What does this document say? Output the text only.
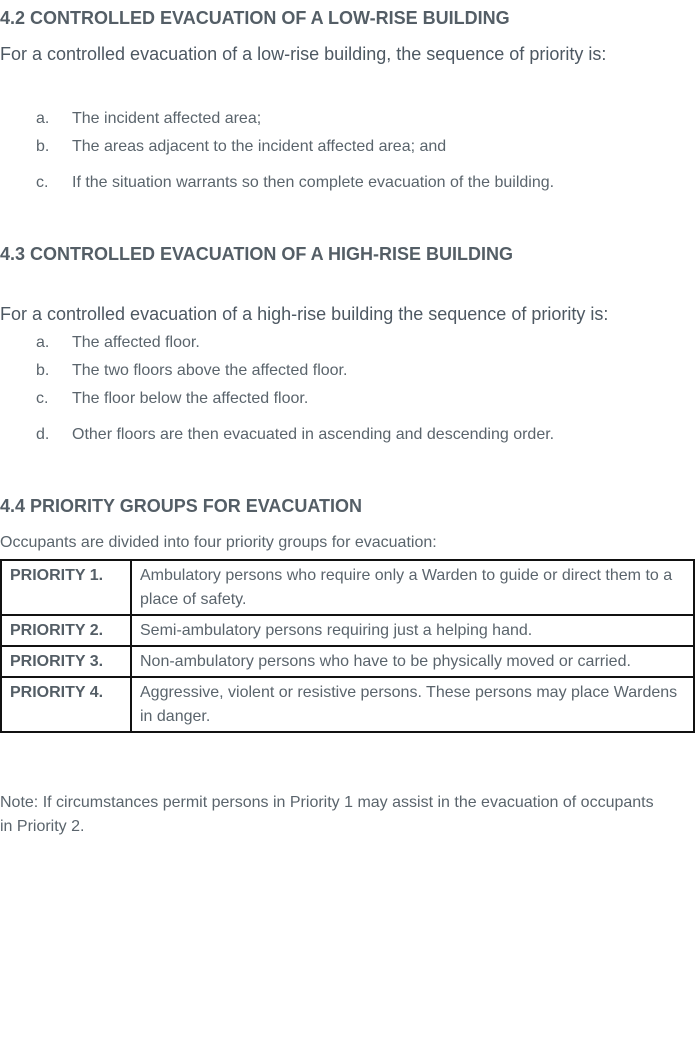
4.2 CONTROLLED EVACUATION OF A LOW-RISE BUILDING
For a controlled evacuation of a low-rise building, the sequence of priority is:
a. The incident affected area;
b. The areas adjacent to the incident affected area; and
c. If the situation warrants so then complete evacuation of the building.
4.3 CONTROLLED EVACUATION OF A HIGH-RISE BUILDING
For a controlled evacuation of a high-rise building the sequence of priority is:
a. The affected floor.
b. The two floors above the affected floor.
c. The floor below the affected floor.
d. Other floors are then evacuated in ascending and descending order.
4.4 PRIORITY GROUPS FOR EVACUATION
Occupants are divided into four priority groups for evacuation:
PRIORITY 1.	Ambulatory persons who require only a Warden to guide or direct them to a place of safety.
PRIORITY 2.	Semi-ambulatory persons requiring just a helping hand.
PRIORITY 3.	Non-ambulatory persons who have to be physically moved or carried.
PRIORITY 4.	Aggressive, violent or resistive persons. These persons may place Wardens in danger.
Note: If circumstances permit persons in Priority 1 may assist in the evacuation of occupants in Priority 2.
